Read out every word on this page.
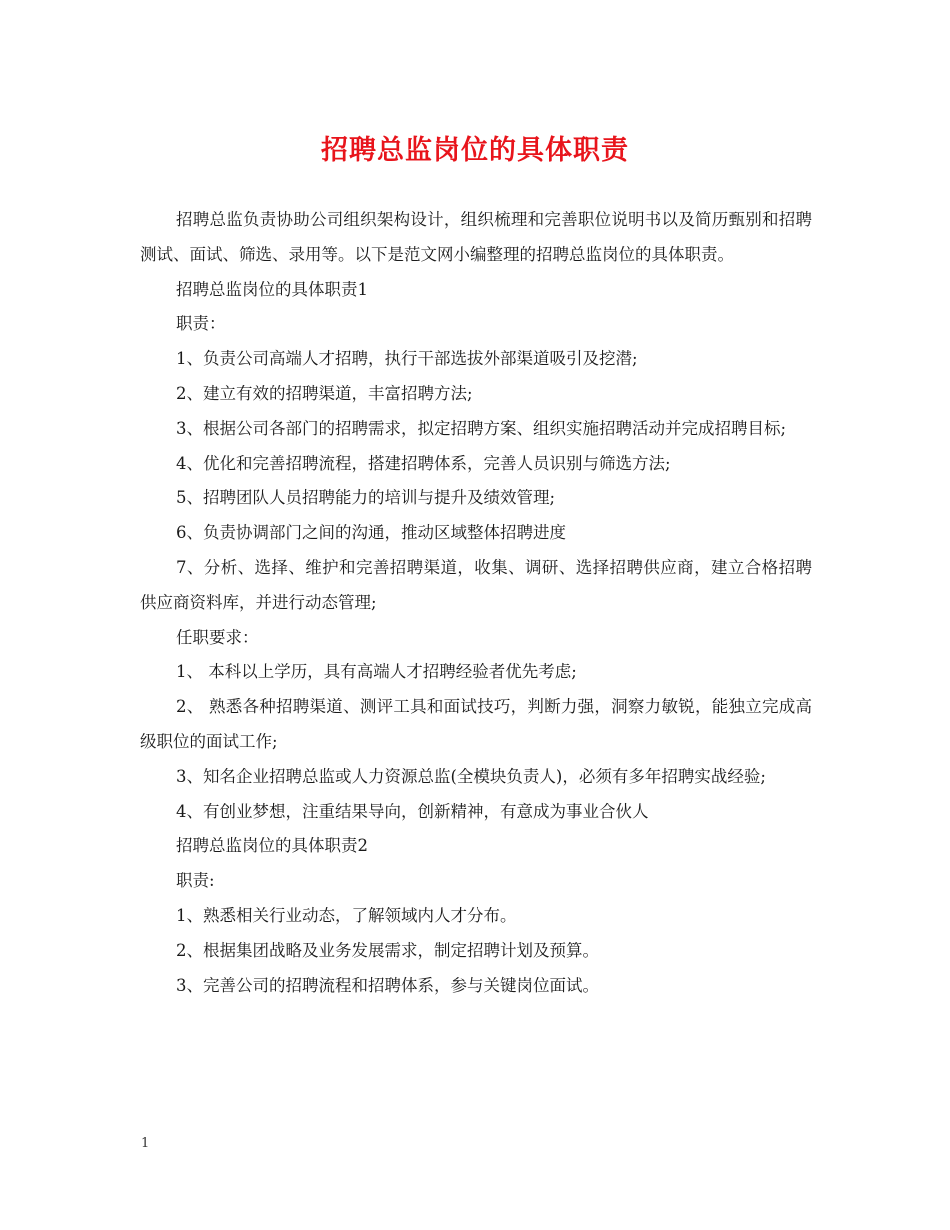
招聘总监岗位的具体职责

招聘总监负责协助公司组织架构设计，组织梳理和完善职位说明书以及简历甄别和招聘测试、面试、筛选、录用等。以下是范文网小编整理的招聘总监岗位的具体职责。

招聘总监岗位的具体职责1

职责：

1、负责公司高端人才招聘，执行干部选拔外部渠道吸引及挖潜;

2、建立有效的招聘渠道，丰富招聘方法;

3、根据公司各部门的招聘需求，拟定招聘方案、组织实施招聘活动并完成招聘目标;

4、优化和完善招聘流程，搭建招聘体系，完善人员识别与筛选方法;

5、招聘团队人员招聘能力的培训与提升及绩效管理;

6、负责协调部门之间的沟通，推动区域整体招聘进度

7、分析、选择、维护和完善招聘渠道，收集、调研、选择招聘供应商，建立合格招聘供应商资料库，并进行动态管理;

任职要求：

1、 本科以上学历，具有高端人才招聘经验者优先考虑;

2、 熟悉各种招聘渠道、测评工具和面试技巧，判断力强，洞察力敏锐，能独立完成高级职位的面试工作;

3、知名企业招聘总监或人力资源总监(全模块负责人)，必须有多年招聘实战经验;

4、有创业梦想，注重结果导向，创新精神，有意成为事业合伙人

招聘总监岗位的具体职责2

职责:

1、熟悉相关行业动态，了解领域内人才分布。

2、根据集团战略及业务发展需求，制定招聘计划及预算。

3、完善公司的招聘流程和招聘体系，参与关键岗位面试。

1
